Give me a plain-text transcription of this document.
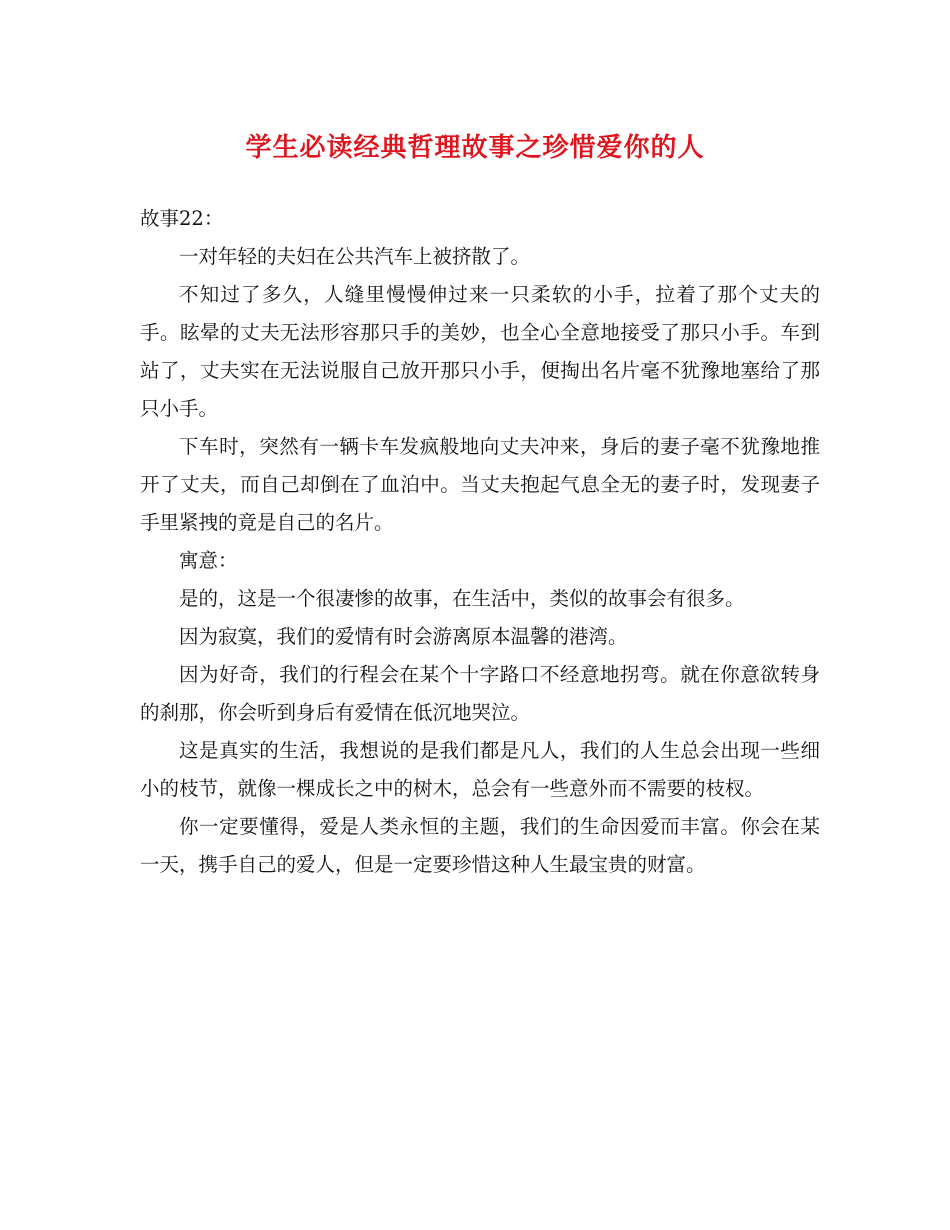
学生必读经典哲理故事之珍惜爱你的人

故事22：

一对年轻的夫妇在公共汽车上被挤散了。

不知过了多久，人缝里慢慢伸过来一只柔软的小手，拉着了那个丈夫的手。眩晕的丈夫无法形容那只手的美妙，也全心全意地接受了那只小手。车到站了，丈夫实在无法说服自己放开那只小手，便掏出名片毫不犹豫地塞给了那只小手。

下车时，突然有一辆卡车发疯般地向丈夫冲来，身后的妻子毫不犹豫地推开了丈夫，而自己却倒在了血泊中。当丈夫抱起气息全无的妻子时，发现妻子手里紧拽的竟是自己的名片。

寓意：

是的，这是一个很凄惨的故事，在生活中，类似的故事会有很多。

因为寂寞，我们的爱情有时会游离原本温馨的港湾。

因为好奇，我们的行程会在某个十字路口不经意地拐弯。就在你意欲转身的刹那，你会听到身后有爱情在低沉地哭泣。

这是真实的生活，我想说的是我们都是凡人，我们的人生总会出现一些细小的枝节，就像一棵成长之中的树木，总会有一些意外而不需要的枝杈。

你一定要懂得，爱是人类永恒的主题，我们的生命因爱而丰富。你会在某一天，携手自己的爱人，但是一定要珍惜这种人生最宝贵的财富。
